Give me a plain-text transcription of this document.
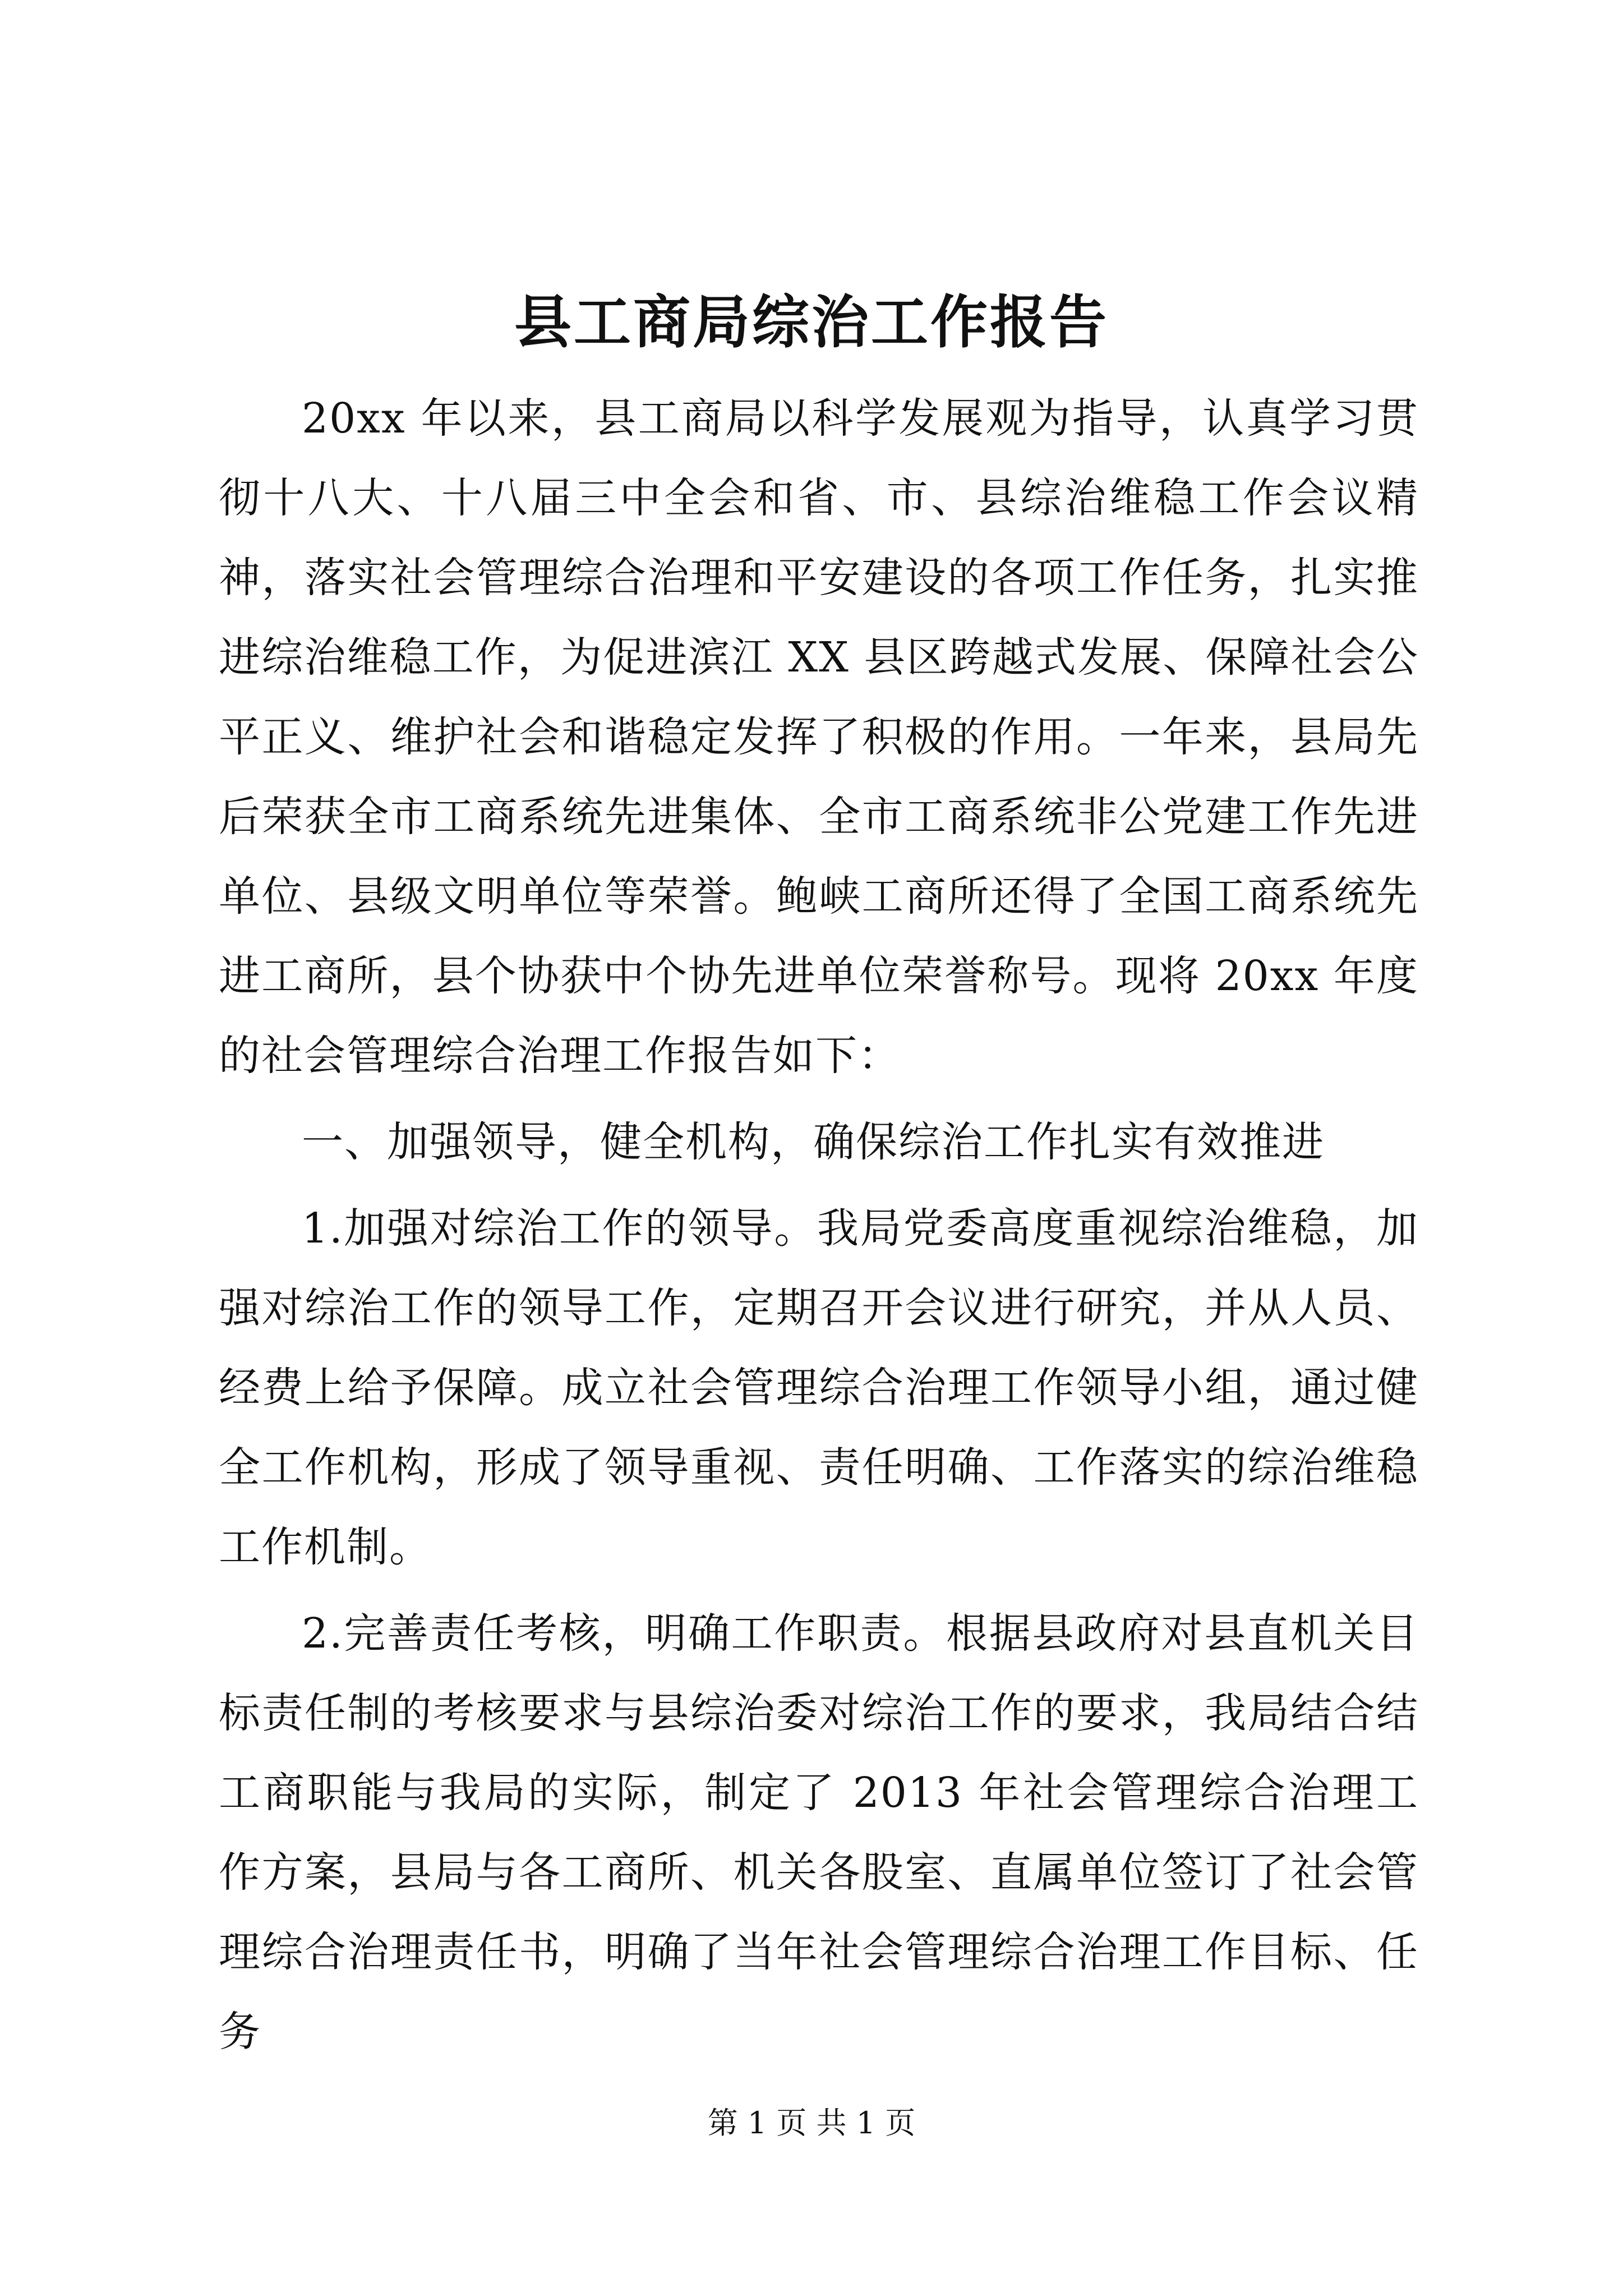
县工商局综治工作报告

20xx 年以来，县工商局以科学发展观为指导，认真学习贯彻十八大、十八届三中全会和省、市、县综治维稳工作会议精神，落实社会管理综合治理和平安建设的各项工作任务，扎实推进综治维稳工作，为促进滨江 XX 县区跨越式发展、保障社会公平正义、维护社会和谐稳定发挥了积极的作用。一年来，县局先后荣获全市工商系统先进集体、全市工商系统非公党建工作先进单位、县级文明单位等荣誉。鲍峡工商所还得了全国工商系统先进工商所，县个协获中个协先进单位荣誉称号。现将 20xx 年度的社会管理综合治理工作报告如下：

一、加强领导，健全机构，确保综治工作扎实有效推进

1.加强对综治工作的领导。我局党委高度重视综治维稳，加强对综治工作的领导工作，定期召开会议进行研究，并从人员、经费上给予保障。成立社会管理综合治理工作领导小组，通过健全工作机构，形成了领导重视、责任明确、工作落实的综治维稳工作机制。

2.完善责任考核，明确工作职责。根据县政府对县直机关目标责任制的考核要求与县综治委对综治工作的要求，我局结合结工商职能与我局的实际，制定了 2013 年社会管理综合治理工作方案，县局与各工商所、机关各股室、直属单位签订了社会管理综合治理责任书，明确了当年社会管理综合治理工作目标、任务

第 1 页 共 1 页
